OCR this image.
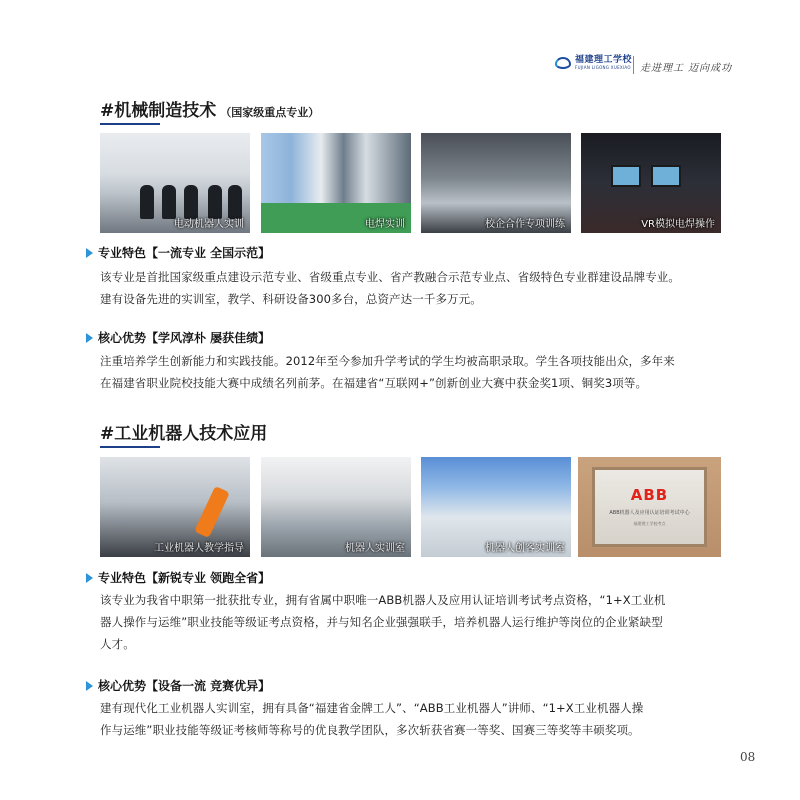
福建理工学校
FUJIAN LIGONG XUEXIAO 走进理工 迈向成功
#机械制造技术 （国家级重点专业）
电动机器人实训	电焊实训	校企合作专项训练	VR模拟电焊操作
专业特色【一流专业 全国示范】
该专业是首批国家级重点建设示范专业、省级重点专业、省产教融合示范专业点、省级特色专业群建设品牌专业。
建有设备先进的实训室，教学、科研设备300多台，总资产达一千多万元。
核心优势【学风淳朴 屡获佳绩】
注重培养学生创新能力和实践技能。2012年至今参加升学考试的学生均被高职录取。学生各项技能出众，多年来
在福建省职业院校技能大赛中成绩名列前茅。在福建省“互联网+”创新创业大赛中获金奖1项、铜奖3项等。
#工业机器人技术应用
工业机器人教学指导	机器人实训室	机器人创客实训室
ABB
ABB机器人及应用认证培训考试中心
福建理工学校考点
专业特色【新锐专业 领跑全省】
该专业为我省中职第一批获批专业，拥有省属中职唯一ABB机器人及应用认证培训考试考点资格，“1+X工业机
器人操作与运维”职业技能等级证考点资格，并与知名企业强强联手，培养机器人运行维护等岗位的企业紧缺型
人才。
核心优势【设备一流 竞赛优异】
建有现代化工业机器人实训室，拥有具备“福建省金牌工人”、“ABB工业机器人”讲师、“1+X工业机器人操
作与运维”职业技能等级证考核师等称号的优良教学团队，多次斩获省赛一等奖、国赛三等奖等丰硕奖项。
08
